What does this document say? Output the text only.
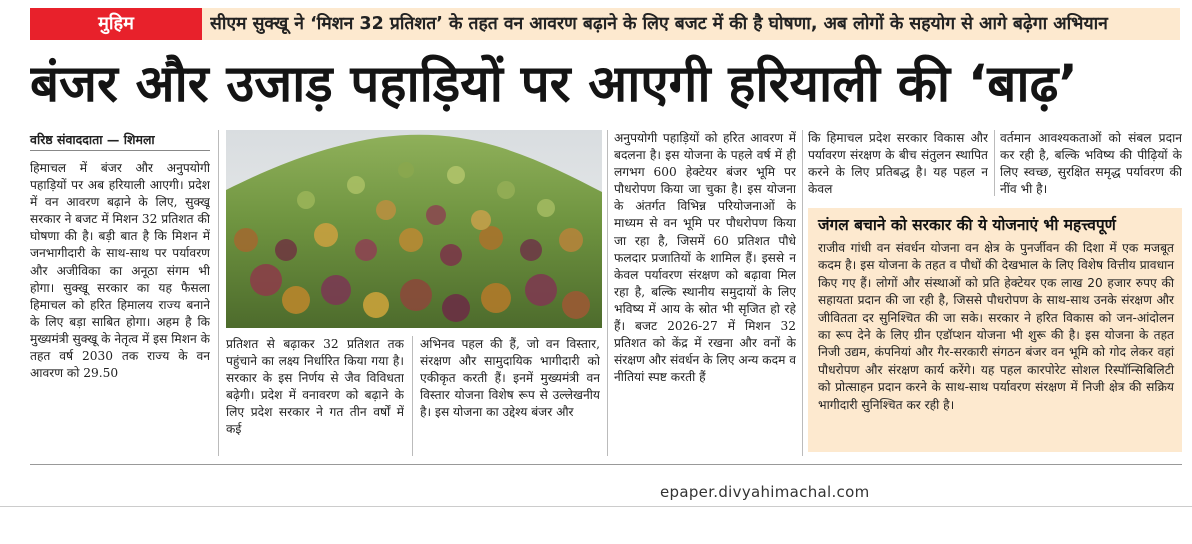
मुहिम	सीएम सुक्खू ने ‘मिशन 32 प्रतिशत’ के तहत वन आवरण बढ़ाने के लिए बजट में की है घोषणा, अब लोगों के सहयोग से आगे बढ़ेगा अभियान
बंजर और उजाड़ पहाड़ियों पर आएगी हरियाली की ‘बाढ़’
वरिष्ठ संवाददाता — शिमला
हिमाचल में बंजर और अनुपयोगी पहाड़ियों पर अब हरियाली आएगी। प्रदेश में वन आवरण बढ़ाने के लिए, सुक्खू सरकार ने बजट में मिशन 32 प्रतिशत की घोषणा की है। बड़ी बात है कि मिशन में जनभागीदारी के साथ-साथ पर पर्यावरण और अजीविका का अनूठा संगम भी होगा। सुक्खू सरकार का यह फैसला हिमाचल को हरित हिमालय राज्य बनाने के लिए बड़ा साबित होगा। अहम है कि मुख्यमंत्री सुक्खू के नेतृत्व में इस मिशन के तहत वर्ष 2030 तक राज्य के वन आवरण को 29.50
प्रतिशत से बढ़ाकर 32 प्रतिशत तक पहुंचाने का लक्ष्य निर्धारित किया गया है। सरकार के इस निर्णय से जैव विविधता बढ़ेगी। प्रदेश में वनावरण को बढ़ाने के लिए प्रदेश सरकार ने गत तीन वर्षों में कई
अभिनव पहल की हैं, जो वन विस्तार, संरक्षण और सामुदायिक भागीदारी को एकीकृत करती हैं। इनमें मुख्यमंत्री वन विस्तार योजना विशेष रूप से उल्लेखनीय है। इस योजना का उद्देश्य बंजर और
अनुपयोगी पहाड़ियों को हरित आवरण में बदलना है। इस योजना के पहले वर्ष में ही लगभग 600 हेक्टेयर बंजर भूमि पर पौधरोपण किया जा चुका है। इस योजना के अंतर्गत विभिन्न परियोजनाओं के माध्यम से वन भूमि पर पौधरोपण किया जा रहा है, जिसमें 60 प्रतिशत पौधे फलदार प्रजातियों के शामिल हैं। इससे न केवल पर्यावरण संरक्षण को बढ़ावा मिल रहा है, बल्कि स्थानीय समुदायों के लिए भविष्य में आय के स्रोत भी सृजित हो रहे हैं। बजट 2026-27 में मिशन 32 प्रतिशत को केंद्र में रखना और वनों के संरक्षण और संवर्धन के लिए अन्य कदम व नीतियां स्पष्ट करती हैं
कि हिमाचल प्रदेश सरकार विकास और पर्यावरण संरक्षण के बीच संतुलन स्थापित करने के लिए प्रतिबद्ध है। यह पहल न केवल
वर्तमान आवश्यकताओं को संबल प्रदान कर रही है, बल्कि भविष्य की पीढ़ियों के लिए स्वच्छ, सुरक्षित समृद्ध पर्यावरण की नींव भी है।
जंगल बचाने को सरकार की ये योजनाएं भी महत्त्वपूर्ण
राजीव गांधी वन संवर्धन योजना वन क्षेत्र के पुनर्जीवन की दिशा में एक मजबूत कदम है। इस योजना के तहत व पौधों की देखभाल के लिए विशेष वित्तीय प्रावधान किए गए हैं। लोगों और संस्थाओं को प्रति हेक्टेयर एक लाख 20 हजार रुपए की सहायता प्रदान की जा रही है, जिससे पौधरोपण के साथ-साथ उनके संरक्षण और जीवितता दर सुनिश्चित की जा सके। सरकार ने हरित विकास को जन-आंदोलन का रूप देने के लिए ग्रीन एडॉप्शन योजना भी शुरू की है। इस योजना के तहत निजी उद्यम, कंपनियां और गैर-सरकारी संगठन बंजर वन भूमि को गोद लेकर वहां पौधरोपण और संरक्षण कार्य करेंगे। यह पहल कारपोरेट सोशल रिस्पॉन्सिबिलिटी को प्रोत्साहन प्रदान करने के साथ-साथ पर्यावरण संरक्षण में निजी क्षेत्र की सक्रिय भागीदारी सुनिश्चित कर रही है।
epaper.divyahimachal.com
